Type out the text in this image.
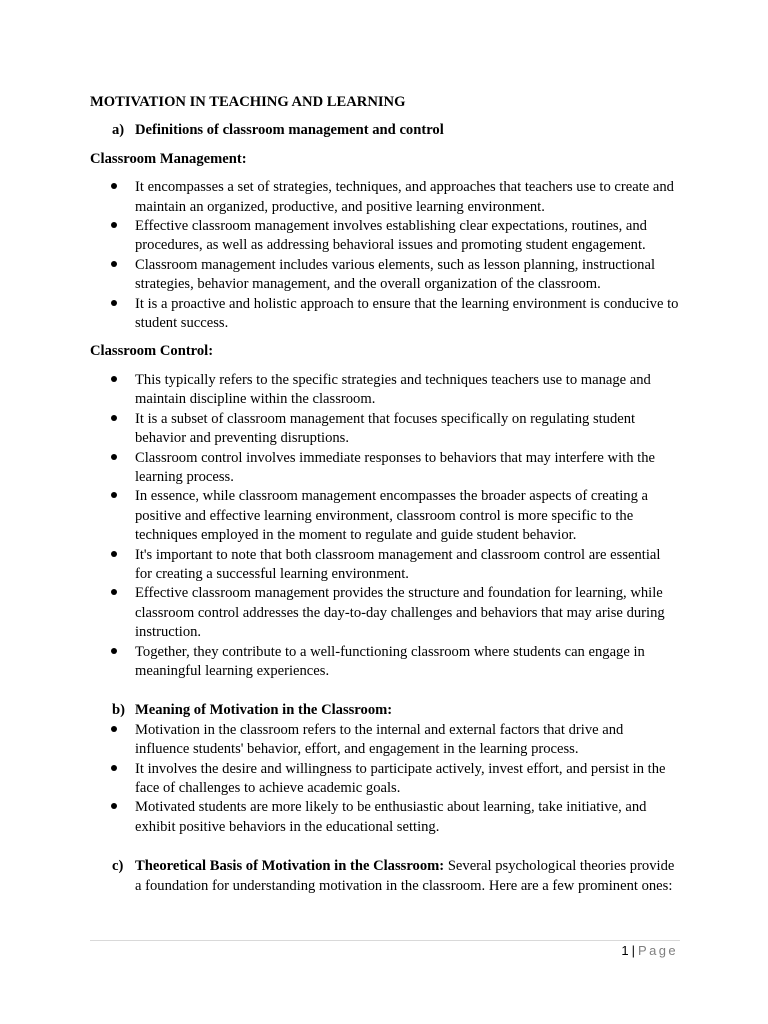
MOTIVATION IN TEACHING AND LEARNING
a) Definitions of classroom management and control
Classroom Management:
It encompasses a set of strategies, techniques, and approaches that teachers use to create and maintain an organized, productive, and positive learning environment.
Effective classroom management involves establishing clear expectations, routines, and procedures, as well as addressing behavioral issues and promoting student engagement.
Classroom management includes various elements, such as lesson planning, instructional strategies, behavior management, and the overall organization of the classroom.
It is a proactive and holistic approach to ensure that the learning environment is conducive to student success.
Classroom Control:
This typically refers to the specific strategies and techniques teachers use to manage and maintain discipline within the classroom.
It is a subset of classroom management that focuses specifically on regulating student behavior and preventing disruptions.
Classroom control involves immediate responses to behaviors that may interfere with the learning process.
In essence, while classroom management encompasses the broader aspects of creating a positive and effective learning environment, classroom control is more specific to the techniques employed in the moment to regulate and guide student behavior.
It's important to note that both classroom management and classroom control are essential for creating a successful learning environment.
Effective classroom management provides the structure and foundation for learning, while classroom control addresses the day-to-day challenges and behaviors that may arise during instruction.
Together, they contribute to a well-functioning classroom where students can engage in meaningful learning experiences.
b) Meaning of Motivation in the Classroom:
Motivation in the classroom refers to the internal and external factors that drive and influence students' behavior, effort, and engagement in the learning process.
It involves the desire and willingness to participate actively, invest effort, and persist in the face of challenges to achieve academic goals.
Motivated students are more likely to be enthusiastic about learning, take initiative, and exhibit positive behaviors in the educational setting.
c) Theoretical Basis of Motivation in the Classroom: Several psychological theories provide a foundation for understanding motivation in the classroom. Here are a few prominent ones:
1 | Page
